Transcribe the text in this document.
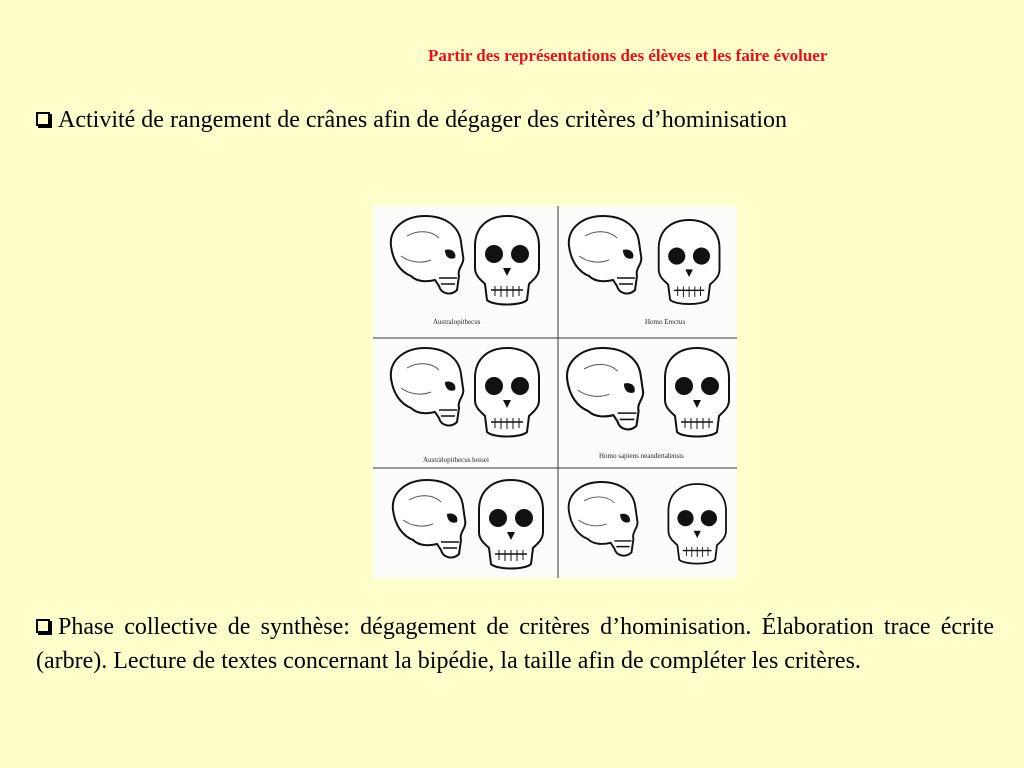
Partir des représentations des élèves et les faire évoluer
Activité de rangement de crânes afin de dégager des critères d’hominisation
Australopithecus	Homo Erectus
Australopithecus boisei	Homo sapiens neandertalensis
Phase collective de synthèse: dégagement de critères d’hominisation. Élaboration trace écrite (arbre). Lecture de textes concernant la bipédie, la taille afin de compléter les critères.
